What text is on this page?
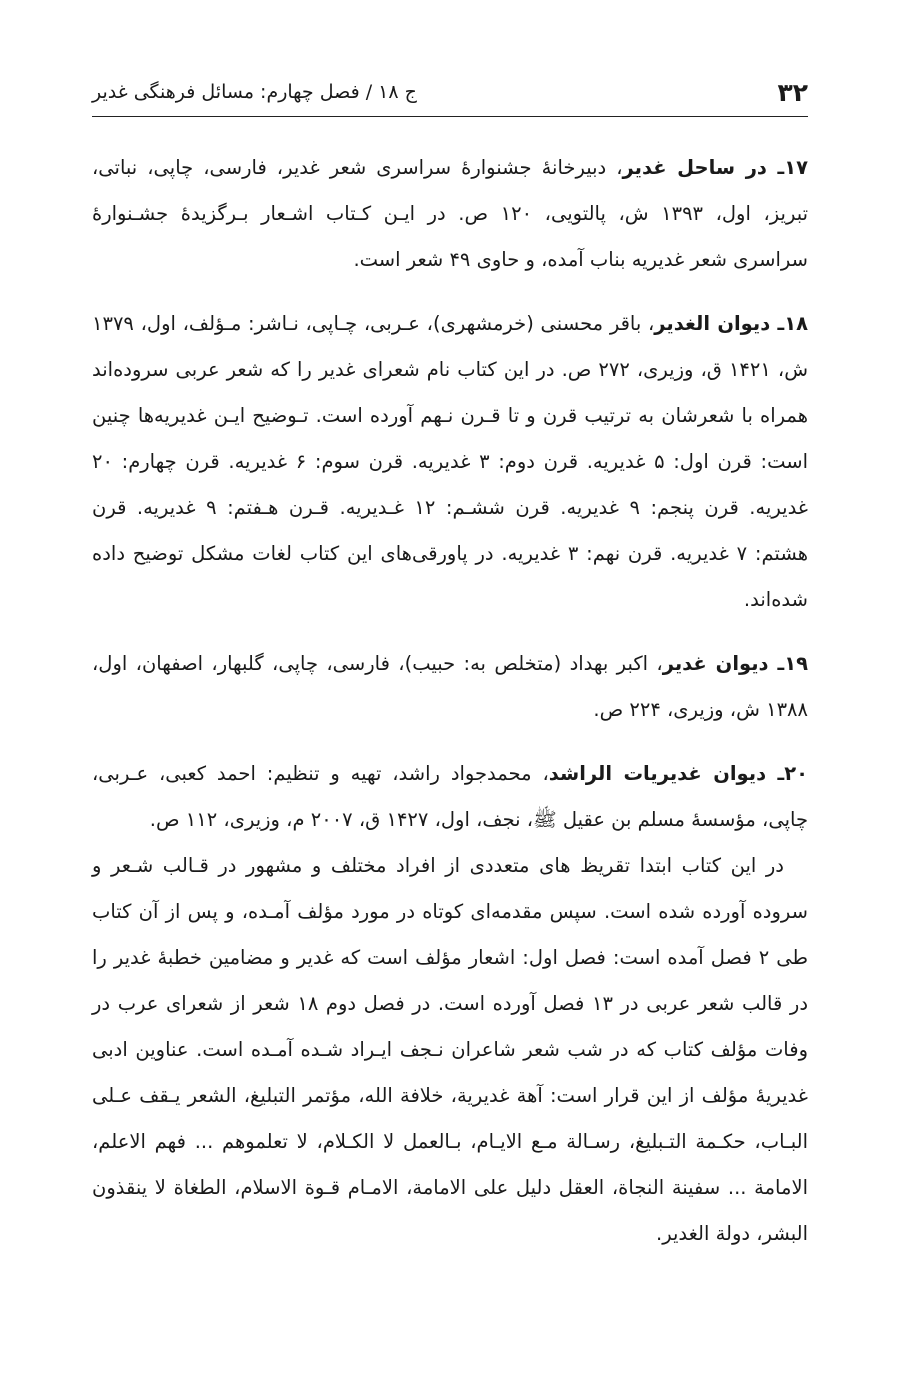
۳۲
ج ۱۸ / فصل چهارم: مسائل فرهنگی غدیر

۱۷ـ در ساحل غدیر، دبیرخانهٔ جشنوارهٔ سراسری شعر غدیر، فارسی، چاپی، نباتی، تبریز، اول، ۱۳۹۳ ش، پالتویی، ۱۲۰ ص. در ایـن کـتاب اشـعار بـرگزیدهٔ جشـنوارهٔ سراسری شعر غدیریه بناب آمده، و حاوی ۴۹ شعر است.

۱۸ـ دیوان الغدیر، باقر محسنی (خرمشهری)، عـربی، چـاپی، نـاشر: مـؤلف، اول، ۱۳۷۹ ش، ۱۴۲۱ ق، وزیری، ۲۷۲ ص. در این کتاب نام شعرای غدیر را که شعر عربی سروده‌اند همراه با شعرشان به ترتیب قرن و تا قـرن نـهم آورده است. تـوضیح ایـن غدیریه‌ها چنین است: قرن اول: ۵ غدیریه. قرن دوم: ۳ غدیریه. قرن سوم: ۶ غدیریه. قرن چهارم: ۲۰ غدیریه. قرن پنجم: ۹ غدیریه. قرن ششـم: ۱۲ غـدیریه. قـرن هـفتم: ۹ غدیریه. قرن هشتم: ۷ غدیریه. قرن نهم: ۳ غدیریه. در پاورقی‌های این کتاب لغات مشکل توضیح داده شده‌اند.

۱۹ـ دیوان غدیر، اکبر بهداد (متخلص به: حبیب)، فارسی، چاپی، گلبهار، اصفهان، اول، ۱۳۸۸ ش، وزیری، ۲۲۴ ص.

۲۰ـ دیوان غدیریات الراشد، محمدجواد راشد، تهیه و تنظیم: احمد کعبی، عـربی، چاپی، مؤسسهٔ مسلم بن عقیل ﷺ، نجف، اول، ۱۴۲۷ ق، ۲۰۰۷ م، وزیری، ۱۱۲ ص.

در این کتاب ابتدا تقریظ های متعددی از افراد مختلف و مشهور در قـالب شـعر و سروده آورده شده است. سپس مقدمه‌ای کوتاه در مورد مؤلف آمـده، و پس از آن کتاب طی ۲ فصل آمده است: فصل اول: اشعار مؤلف است که غدیر و مضامین خطبهٔ غدیر را در قالب شعر عربی در ۱۳ فصل آورده است. در فصل دوم ۱۸ شعر از شعرای عرب در وفات مؤلف کتاب که در شب شعر شاعران نـجف ایـراد شـده آمـده است. عناوین ادبی غدیریهٔ مؤلف از این قرار است: آهة غدیریة، خلافة الله، مؤتمر التبلیغ، الشعر یـقف عـلی البـاب، حکـمة التـبلیغ، رسـالة مـع الایـام، بـالعمل لا الکـلام، لا تعلموهم ... فهم الاعلم، الامامة ... سفینة النجاة، العقل دلیل علی الامامة، الامـام قـوة الاسلام، الطغاة لا ینقذون البشر، دولة الغدیر.
